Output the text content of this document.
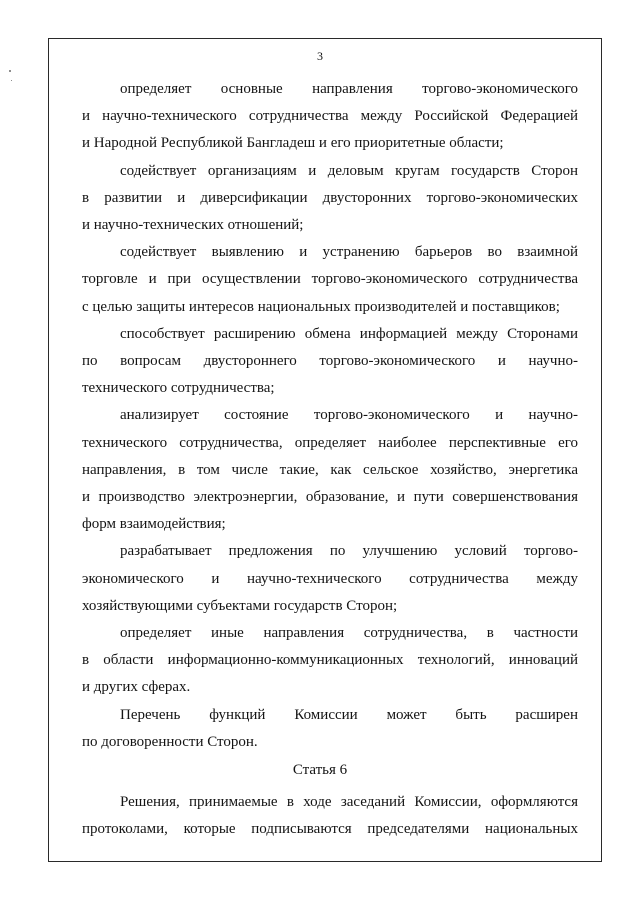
3
определяет основные направления торгово-экономического
и научно-технического сотрудничества между Российской Федерацией
и Народной Республикой Бангладеш и его приоритетные области;
содействует организациям и деловым кругам государств Сторон
в развитии и диверсификации двусторонних торгово-экономических
и научно-технических отношений;
содействует выявлению и устранению барьеров во взаимной
торговле и при осуществлении торгово-экономического сотрудничества
с целью защиты интересов национальных производителей и поставщиков;
способствует расширению обмена информацией между Сторонами
по вопросам двустороннего торгово-экономического и научно-
технического сотрудничества;
анализирует состояние торгово-экономического и научно-
технического сотрудничества, определяет наиболее перспективные его
направления, в том числе такие, как сельское хозяйство, энергетика
и производство электроэнергии, образование, и пути совершенствования
форм взаимодействия;
разрабатывает предложения по улучшению условий торгово-
экономического и научно-технического сотрудничества между
хозяйствующими субъектами государств Сторон;
определяет иные направления сотрудничества, в частности
в области информационно-коммуникационных технологий, инноваций
и других сферах.
Перечень функций Комиссии может быть расширен
по договоренности Сторон.
Статья 6
Решения, принимаемые в ходе заседаний Комиссии, оформляются
протоколами, которые подписываются председателями национальных
